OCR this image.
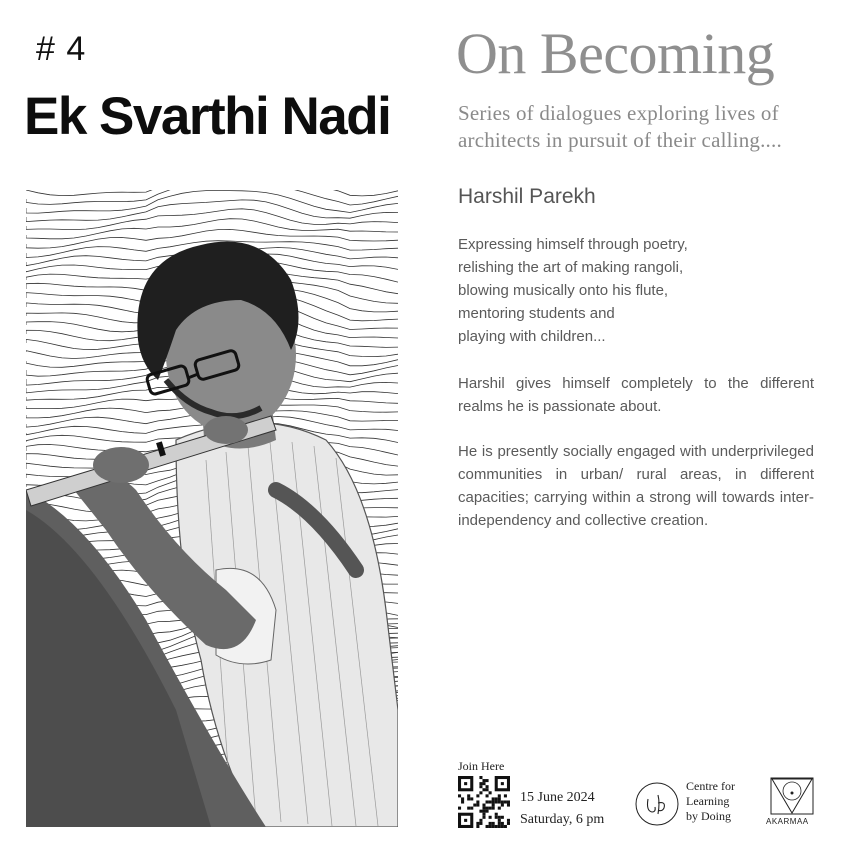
# 4
Ek Svarthi Nadi
On Becoming
Series of dialogues exploring lives of architects in pursuit of their calling....
Harshil Parekh
Expressing himself through poetry,
relishing the art of making rangoli,
blowing musically onto his flute,
mentoring students and
playing with children...
Harshil gives himself completely to the different realms he is passionate about.
He is presently socially engaged with underprivileged communities in urban/ rural areas, in different capacities; carrying within a strong will towards inter-independency and collective creation.
Join Here
15 June 2024
Saturday, 6 pm
Centre for
Learning
by Doing	AKARMAA
